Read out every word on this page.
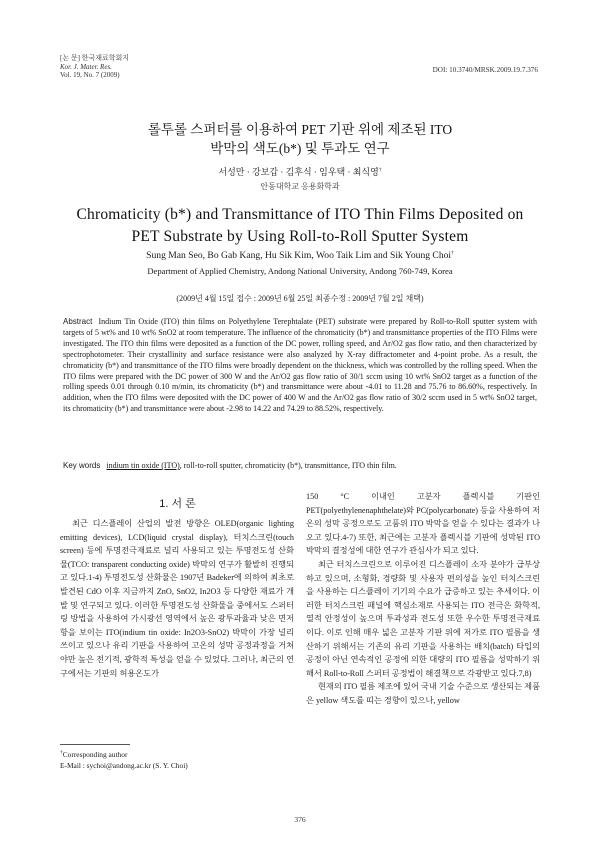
[논 문] 한국재료학회지
Kor. J. Mater. Res.
Vol. 19, No. 7 (2009)
DOI: 10.3740/MRSK.2009.19.7.376
롤투롤 스퍼터를 이용하여 PET 기판 위에 제조된 ITO
박막의 색도(b*) 및 투과도 연구
서성만 · 강보갑 · 김후식 · 임우택 · 최식영†
안동대학교 응용화학과
Chromaticity (b*) and Transmittance of ITO Thin Films Deposited on
PET Substrate by Using Roll-to-Roll Sputter System
Sung Man Seo, Bo Gab Kang, Hu Sik Kim, Woo Taik Lim and Sik Young Choi†
Department of Applied Chemistry, Andong National University, Andong 760-749, Korea
(2009년 4월 15일 접수 : 2009년 6월 25일 최종수정 : 2009년 7월 2일 채택)
Abstract Indium Tin Oxide (ITO) thin films on Polyethylene Terephtalate (PET) substrate were prepared by Roll-to-Roll sputter system with targets of 5 wt% and 10 wt% SnO2 at room temperature. The influence of the chromaticity (b*) and transmittance properties of the ITO Films were investigated. The ITO thin films were deposited as a function of the DC power, rolling speed, and Ar/O2 gas flow ratio, and then characterized by spectrophotometer. Their crystallinity and surface resistance were also analyzed by X-ray diffractometer and 4-point probe. As a result, the chromaticity (b*) and transmittance of the ITO films were broadly dependent on the thickness, which was controlled by the rolling speed. When the ITO films were prepared with the DC power of 300 W and the Ar/O2 gas flow ratio of 30/1 sccm using 10 wt% SnO2 target as a function of the rolling speeds 0.01 through 0.10 m/min, its chromaticity (b*) and transmittance were about -4.01 to 11.28 and 75.76 to 86.60%, respectively. In addition, when the ITO films were deposited with the DC power of 400 W and the Ar/O2 gas flow ratio of 30/2 sccm used in 5 wt% SnO2 target, its chromaticity (b*) and transmittance were about -2.98 to 14.22 and 74.29 to 88.52%, respectively.
Key words indium tin oxide (ITO), roll-to-roll sputter, chromaticity (b*), transmittance, ITO thin film.
1. 서 론

최근 디스플레이 산업의 발전 방향은 OLED(organic lighting emitting devices), LCD(liquid crystal display), 터치스크린(touch screen) 등에 투명전극재료로 널리 사용되고 있는 투명전도성 산화물(TCO: transparent conducting oxide) 박막의 연구가 활발히 진행되고 있다.1-4) 투명전도성 산화물은 1907년 Badeker에 의하여 최초로 발견된 CdO 이후 지금까지 ZnO, SnO2, In2O3 등 다양한 재료가 개발 및 연구되고 있다. 이러한 투명전도성 산화물을 중에서도 스퍼터링 방법을 사용하여 가시광선 영역에서 높은 광투과율과 낮은 면저항을 보이는 ITO(indium tin oxide: In2O3-SnO2) 박막이 가장 널리 쓰이고 있으나 유리 기판을 사용하여 고온의 성막 공정과정을 거쳐야만 높은 전기적, 광학적 특성을 얻을 수 있었다. 그러나, 최근의 연구에서는 기판의 허용온도가

†Corresponding author
E-Mail : sychoi@andong.ac.kr (S. Y. Choi)

150 °C 이내인 고분자 플렉시블 기판인 PET(polyethylenenaphthelate)와 PC(polycarbonate) 등을 사용하여 저온의 성막 공정으로도 고품위 ITO 박막을 얻을 수 있다는 결과가 나오고 있다.4-7) 또한, 최근에는 고분자 플렉시블 기판에 성막된 ITO 박막의 결정성에 대한 연구가 관심사가 되고 있다.

최근 터치스크린으로 이루어진 디스플레이 소자 분야가 급부상하고 있으며, 소형화, 경량화 및 사용자 편의성을 높인 터치스크린을 사용하는 디스플레이 기기의 수요가 급증하고 있는 추세이다. 이러한 터치스크린 패널에 핵심소재로 사용되는 ITO 전극은 화학적, 열적 안정성이 높으며 투과성과 전도성 또한 우수한 투명전극재료이다. 이로 인해 매우 넓은 고분자 기판 위에 저가로 ITO 필름을 생산하기 위해서는 기존의 유리 기판을 사용하는 배치(batch) 타입의 공정이 아닌 연속적인 공정에 의한 대량의 ITO 필름을 성막하기 위해서 Roll-to-Roll 스퍼터 공정법이 해결책으로 각광받고 있다.7,8)

현재의 ITO 필름 제조에 있어 국내 기술 수준으로 생산되는 제품은 yellow 색도를 띠는 경향이 있으나, yellow

376
